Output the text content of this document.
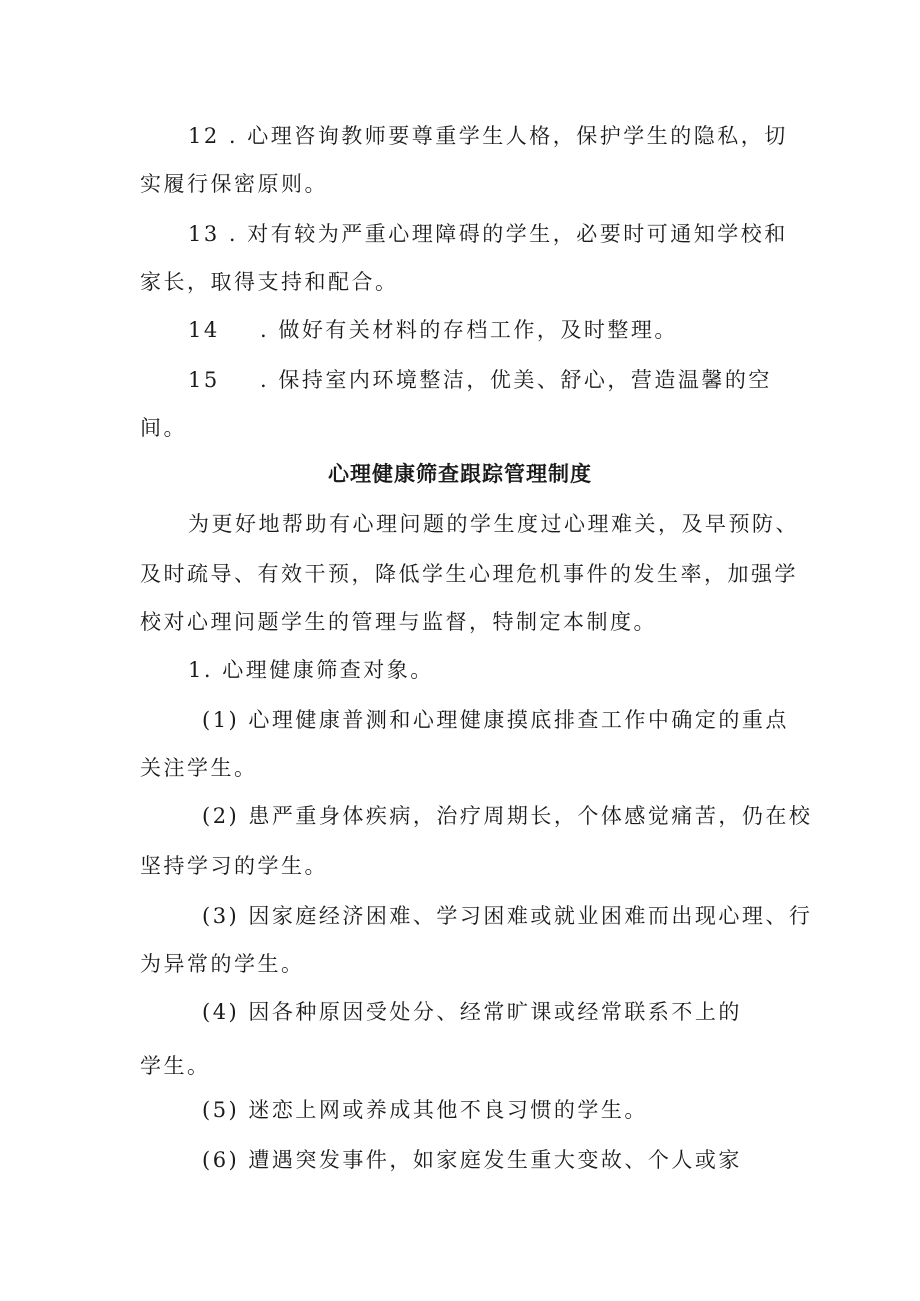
12 . 心理咨询教师要尊重学生人格，保护学生的隐私，切
实履行保密原则。
13 . 对有较为严重心理障碍的学生，必要时可通知学校和
家长，取得支持和配合。
14 . 做好有关材料的存档工作，及时整理。
15 . 保持室内环境整洁，优美、舒心，营造温馨的空
间。
心理健康筛查跟踪管理制度
为更好地帮助有心理问题的学生度过心理难关，及早预防、
及时疏导、有效干预，降低学生心理危机事件的发生率，加强学
校对心理问题学生的管理与监督，特制定本制度。
1. 心理健康筛查对象。
(1) 心理健康普测和心理健康摸底排查工作中确定的重点
关注学生。
(2) 患严重身体疾病，治疗周期长，个体感觉痛苦，仍在校
坚持学习的学生。
(3) 因家庭经济困难、学习困难或就业困难而出现心理、行
为异常的学生。
(4) 因各种原因受处分、经常旷课或经常联系不上的
学生。
(5) 迷恋上网或养成其他不良习惯的学生。
(6) 遭遇突发事件，如家庭发生重大变故、个人或家
